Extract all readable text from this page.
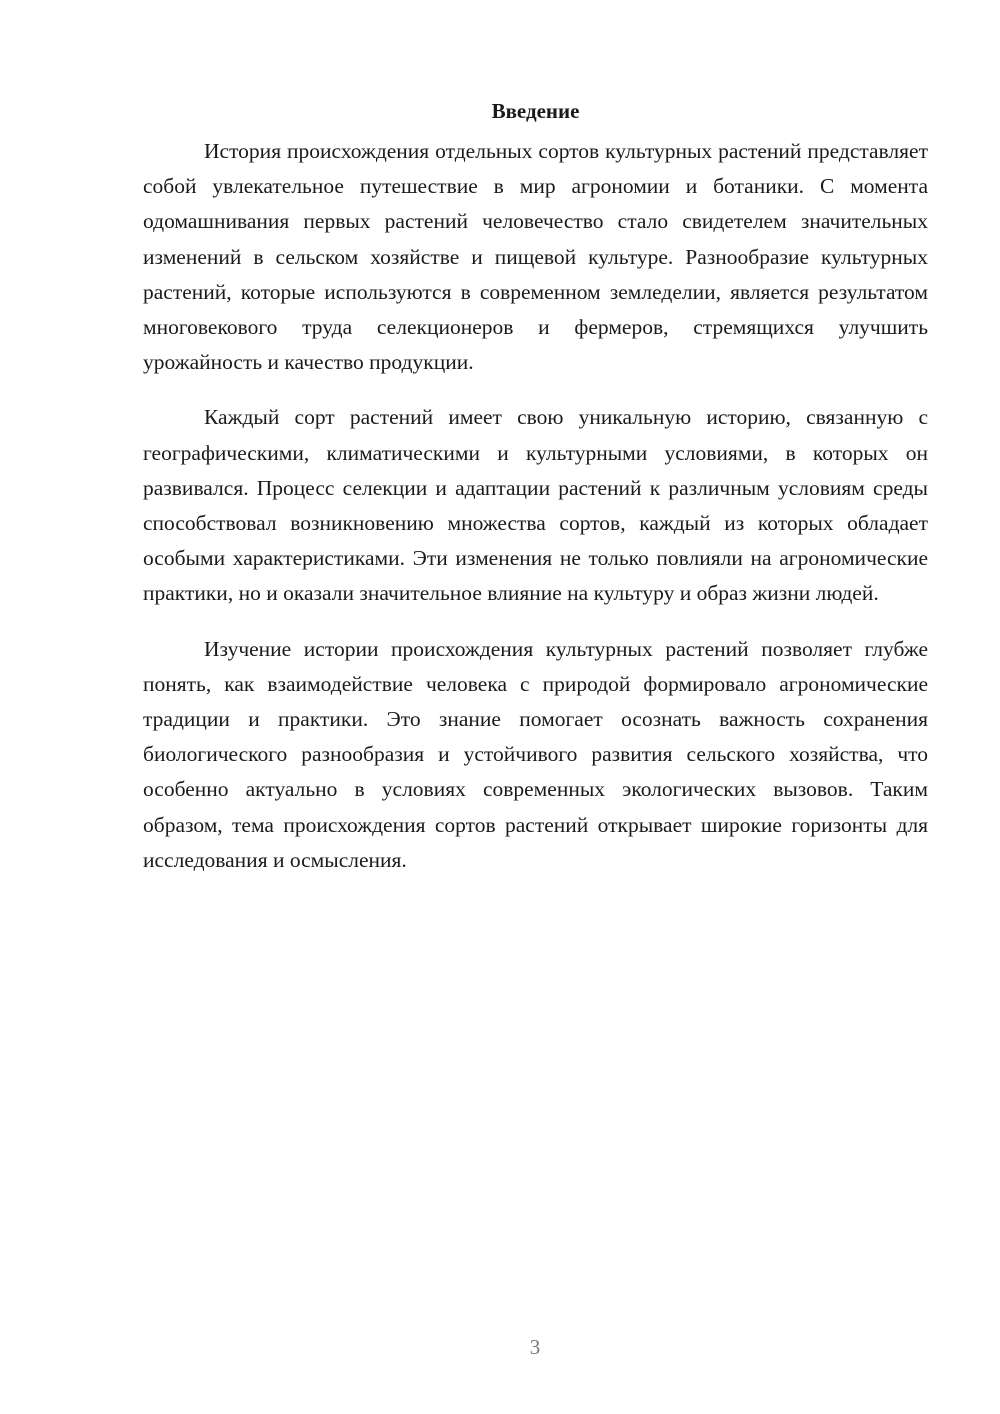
Введение

История происхождения отдельных сортов культурных растений представляет собой увлекательное путешествие в мир агрономии и ботаники. С момента одомашнивания первых растений человечество стало свидетелем значительных изменений в сельском хозяйстве и пищевой культуре. Разнообразие культурных растений, которые используются в современном земледелии, является результатом многовекового труда селекционеров и фермеров, стремящихся улучшить урожайность и качество продукции.

Каждый сорт растений имеет свою уникальную историю, связанную с географическими, климатическими и культурными условиями, в которых он развивался. Процесс селекции и адаптации растений к различным условиям среды способствовал возникновению множества сортов, каждый из которых обладает особыми характеристиками. Эти изменения не только повлияли на агрономические практики, но и оказали значительное влияние на культуру и образ жизни людей.

Изучение истории происхождения культурных растений позволяет глубже понять, как взаимодействие человека с природой формировало агрономические традиции и практики. Это знание помогает осознать важность сохранения биологического разнообразия и устойчивого развития сельского хозяйства, что особенно актуально в условиях современных экологических вызовов. Таким образом, тема происхождения сортов растений открывает широкие горизонты для исследования и осмысления.

3
